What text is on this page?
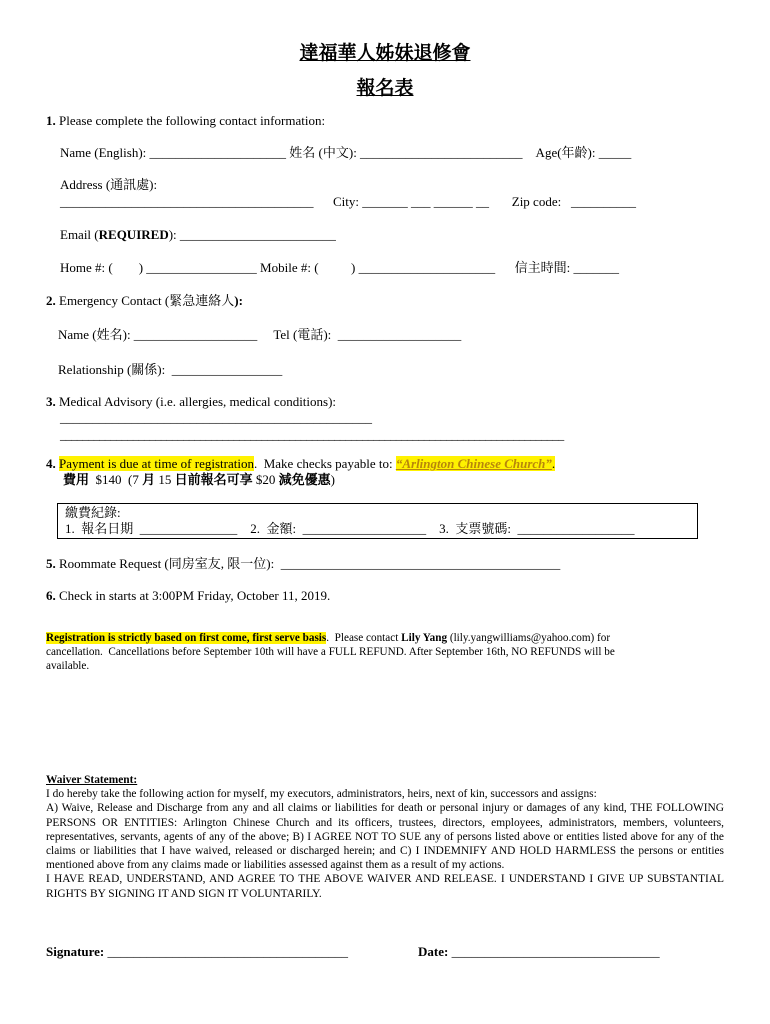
達福華人姊妹退修會
報名表
1. Please complete the following contact information:
Name (English): _____________________ 姓名 (中文): _________________________    Age(年齡): _____
Address (通訊處):
_______________________________________      City: _______ ___ ______ __       Zip code:   __________
Email (REQUIRED): ________________________
Home #: (        ) _________________ Mobile #: (          ) _____________________      信主時間: _______
2. Emergency Contact (緊急連絡人):
Name (姓名): ___________________     Tel (電話):  ___________________
Relationship (關係):  _________________
3. Medical Advisory (i.e. allergies, medical conditions):
________________________________________________
__________________________________________________________________________________________
4. Payment is due at time of registration.  Make checks payable to: “Arlington Chinese Church”.
費用  $140  (7 月 15 日前報名可享 $20 減免優惠)
繳費紀錄:
1.  報名日期  _______________    2.  金額:  ___________________    3.  支票號碼:  __________________
5. Roommate Request (同房室友, 限一位):  ___________________________________________
6. Check in starts at 3:00PM Friday, October 11, 2019.
Registration is strictly based on first come, first serve basis.  Please contact Lily Yang (lily.yangwilliams@yahoo.com) for
cancellation.  Cancellations before September 10th will have a FULL REFUND. After September 16th, NO REFUNDS will be
available.

Waiver Statement:

I do hereby take the following action for myself, my executors, administrators, heirs, next of kin, successors and assigns:

A) Waive, Release and Discharge from any and all claims or liabilities for death or personal injury or damages of any kind, THE FOLLOWING PERSONS OR ENTITIES: Arlington Chinese Church and its officers, trustees, directors, employees, administrators, members, volunteers, representatives, servants, agents of any of the above; B) I AGREE NOT TO SUE any of persons listed above or entities listed above for any of the claims or liabilities that I have waived, released or discharged herein; and C) I INDEMNIFY AND HOLD HARMLESS the persons or entities mentioned above from any claims made or liabilities assessed against them as a result of my actions.

I HAVE READ, UNDERSTAND, AND AGREE TO THE ABOVE WAIVER AND RELEASE. I UNDERSTAND I GIVE UP SUBSTANTIAL RIGHTS BY SIGNING IT AND SIGN IT VOLUNTARILY.

Signature: _____________________________________	Date: ________________________________
